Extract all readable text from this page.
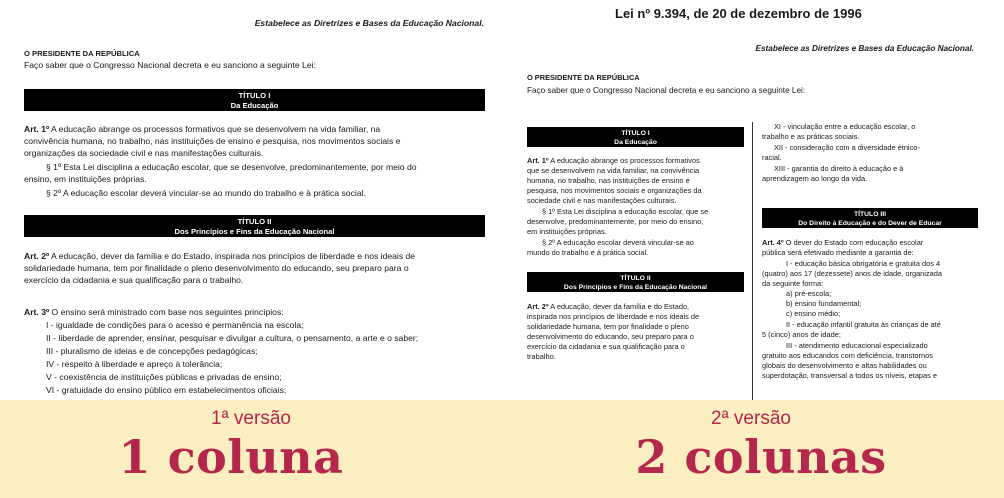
Estabelece as Diretrizes e Bases da Educação Nacional.
O PRESIDENTE DA REPÚBLICA
Faço saber que o Congresso Nacional decreta e eu sanciono a seguinte Lei:
TÍTULO I
Da Educação
Art. 1º A educação abrange os processos formativos que se desenvolvem na vida familiar, na
convivência humana, no trabalho, nas instituições de ensino e pesquisa, nos movimentos sociais e
organizações da sociedade civil e nas manifestações culturais.
§ 1º Esta Lei disciplina a educação escolar, que se desenvolve, predominantemente, por meio do
ensino, em instituições próprias.
§ 2º A educação escolar deverá vincular-se ao mundo do trabalho e à prática social.
TÍTULO II
Dos Princípios e Fins da Educação Nacional
Art. 2º A educação, dever da família e do Estado, inspirada nos princípios de liberdade e nos ideais de
solidariedade humana, tem por finalidade o pleno desenvolvimento do educando, seu preparo para o
exercício da cidadania e sua qualificação para o trabalho.
Art. 3º O ensino será ministrado com base nos seguintes princípios:
I - igualdade de condições para o acesso e permanência na escola;
II - liberdade de aprender, ensinar, pesquisar e divulgar a cultura, o pensamento, a arte e o saber;
III - pluralismo de ideias e de concepções pedagógicas;
IV - respeito à liberdade e apreço à tolerância;
V - coexistência de instituições públicas e privadas de ensino;
VI - gratuidade do ensino público em estabelecimentos oficiais;
Lei nº 9.394, de 20 de dezembro de 1996
Estabelece as Diretrizes e Bases da Educação Nacional.
O PRESIDENTE DA REPÚBLICA
Faço saber que o Congresso Nacional decreta e eu sanciono a seguinte Lei:
TÍTULO I
Da Educação
Art. 1º A educação abrange os processos formativos
que se desenvolvem na vida familiar, na convivência
humana, no trabalho, nas instituições de ensino e
pesquisa, nos movimentos sociais e organizações da
sociedade civil e nas manifestações culturais.
§ 1º Esta Lei disciplina a educação escolar, que se
desenvolve, predominantemente, por meio do ensino,
em instituições próprias.
§ 2º A educação escolar deverá vincular-se ao
mundo do trabalho e à prática social.
TÍTULO II
Dos Princípios e Fins da Educação Nacional
Art. 2º A educação, dever da família e do Estado,
inspirada nos princípios de liberdade e nos ideais de
solidariedade humana, tem por finalidade o pleno
desenvolvimento do educando, seu preparo para o
exercício da cidadania e sua qualificação para o
trabalho.
XI - vinculação entre a educação escolar, o
trabalho e as práticas sociais.
XII - consideração com a diversidade étnico-
racial.
XIII - garantia do direito à educação e à
aprendizagem ao longo da vida.
TÍTULO III
Do Direito à Educação e do Dever de Educar
Art. 4º O dever do Estado com educação escolar
pública será efetivado mediante a garantia de:
I - educação básica obrigatória e gratuita dos 4
(quatro) aos 17 (dezessete) anos de idade, organizada
da seguinte forma:
a) pré-escola;
b) ensino fundamental;
c) ensino médio;
II - educação infantil gratuita às crianças de até
5 (cinco) anos de idade;
III - atendimento educacional especializado
gratuito aos educandos com deficiência, transtornos
globais do desenvolvimento e altas habilidades ou
superdotação, transversal a todos os níveis, etapas e
1ª versão
1 coluna
2ª versão
2 colunas
